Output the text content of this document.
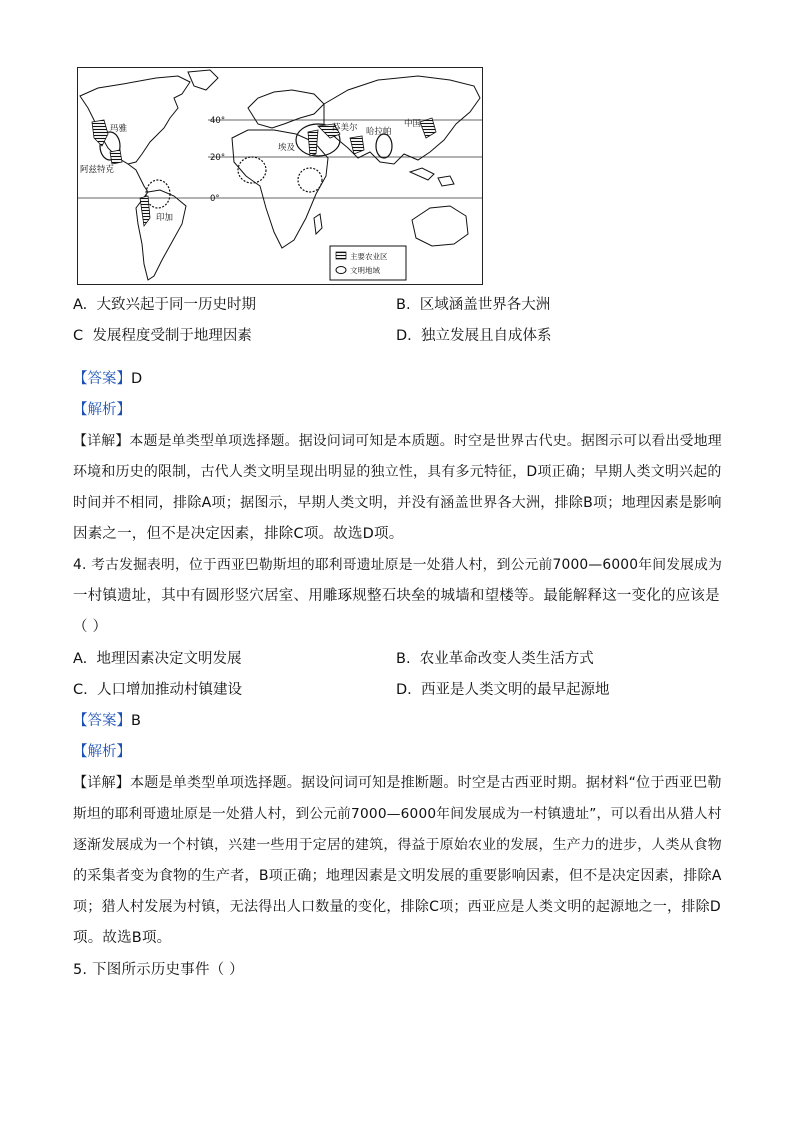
40°
20°
0°
玛雅
阿兹特克
印加
苏美尔
埃及
哈拉帕
中国
主要农业区
文明地域
A. 大致兴起于同一历史时期	B. 区域涵盖世界各大洲
C 发展程度受制于地理因素	D. 独立发展且自成体系
【答案】D
【解析】
【详解】本题是单类型单项选择题。据设问词可知是本质题。时空是世界古代史。据图示可以看出受地理
环境和历史的限制，古代人类文明呈现出明显的独立性，具有多元特征，D项正确；早期人类文明兴起的
时间并不相同，排除A项；据图示，早期人类文明，并没有涵盖世界各大洲，排除B项；地理因素是影响
因素之一，但不是决定因素，排除C项。故选D项。
4. 考古发掘表明，位于西亚巴勒斯坦的耶利哥遗址原是一处猎人村，到公元前7000—6000年间发展成为
一村镇遗址，其中有圆形竖穴居室、用雕琢规整石块垒的城墙和望楼等。最能解释这一变化的应该是
（ ）
A. 地理因素决定文明发展	B. 农业革命改变人类生活方式
C. 人口增加推动村镇建设	D. 西亚是人类文明的最早起源地
【答案】B
【解析】
【详解】本题是单类型单项选择题。据设问词可知是推断题。时空是古西亚时期。据材料“位于西亚巴勒
斯坦的耶利哥遗址原是一处猎人村，到公元前7000—6000年间发展成为一村镇遗址”，可以看出从猎人村
逐渐发展成为一个村镇，兴建一些用于定居的建筑，得益于原始农业的发展，生产力的进步，人类从食物
的采集者变为食物的生产者，B项正确；地理因素是文明发展的重要影响因素，但不是决定因素，排除A
项；猎人村发展为村镇，无法得出人口数量的变化，排除C项；西亚应是人类文明的起源地之一，排除D
项。故选B项。
5. 下图所示历史事件（ ）
